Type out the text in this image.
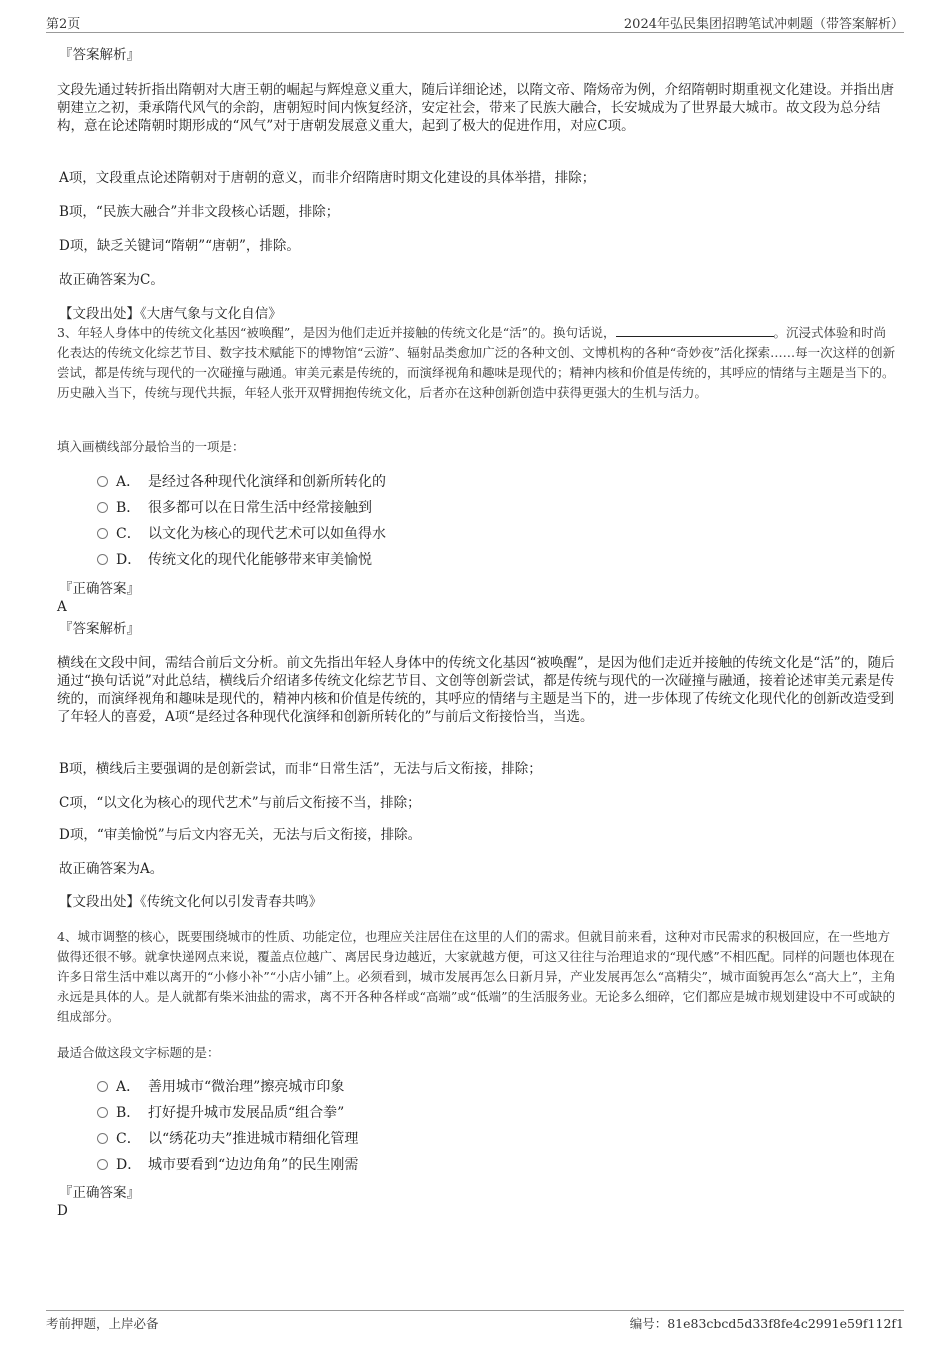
第2页	2024年弘民集团招聘笔试冲刺题（带答案解析）
『答案解析』

文段先通过转折指出隋朝对大唐王朝的崛起与辉煌意义重大，随后详细论述，以隋文帝、隋炀帝为例，介绍隋朝时期重视文化建设。并指出唐朝建立之初，秉承隋代风气的余韵，唐朝短时间内恢复经济，安定社会，带来了民族大融合，长安城成为了世界最大城市。故文段为总分结构，意在论述隋朝时期形成的“风气”对于唐朝发展意义重大，起到了极大的促进作用，对应C项。

A项，文段重点论述隋朝对于唐朝的意义，而非介绍隋唐时期文化建设的具体举措，排除；
B项，“民族大融合”并非文段核心话题，排除；
D项，缺乏关键词“隋朝”“唐朝”，排除。
故正确答案为C。
【文段出处】《大唐气象与文化自信》

3、年轻人身体中的传统文化基因“被唤醒”，是因为他们走近并接触的传统文化是“活”的。换句话说，	。沉浸式体验和时尚化表达的传统文化综艺节目、数字技术赋能下的博物馆“云游”、辐射品类愈加广泛的各种文创、文博机构的各种“奇妙夜”活化探索……每一次这样的创新尝试，都是传统与现代的一次碰撞与融通。审美元素是传统的，而演绎视角和趣味是现代的；精神内核和价值是传统的，其呼应的情绪与主题是当下的。历史融入当下，传统与现代共振，年轻人张开双臂拥抱传统文化，后者亦在这种创新创造中获得更强大的生机与活力。

填入画横线部分最恰当的一项是：
A． 是经过各种现代化演绎和创新所转化的
B． 很多都可以在日常生活中经常接触到
C． 以文化为核心的现代艺术可以如鱼得水
D． 传统文化的现代化能够带来审美愉悦
『正确答案』
A
『答案解析』

横线在文段中间，需结合前后文分析。前文先指出年轻人身体中的传统文化基因“被唤醒”，是因为他们走近并接触的传统文化是“活”的，随后通过“换句话说”对此总结，横线后介绍诸多传统文化综艺节目、文创等创新尝试，都是传统与现代的一次碰撞与融通，接着论述审美元素是传统的，而演绎视角和趣味是现代的，精神内核和价值是传统的，其呼应的情绪与主题是当下的，进一步体现了传统文化现代化的创新改造受到了年轻人的喜爱，A项“是经过各种现代化演绎和创新所转化的”与前后文衔接恰当，当选。

B项，横线后主要强调的是创新尝试，而非“日常生活”，无法与后文衔接，排除；
C项，“以文化为核心的现代艺术”与前后文衔接不当，排除；
D项，“审美愉悦”与后文内容无关，无法与后文衔接，排除。
故正确答案为A。
【文段出处】《传统文化何以引发青春共鸣》

4、城市调整的核心，既要围绕城市的性质、功能定位，也理应关注居住在这里的人们的需求。但就目前来看，这种对市民需求的积极回应，在一些地方做得还很不够。就拿快递网点来说，覆盖点位越广、离居民身边越近，大家就越方便，可这又往往与治理追求的“现代感”不相匹配。同样的问题也体现在许多日常生活中难以离开的“小修小补”“小店小铺”上。必须看到，城市发展再怎么日新月异，产业发展再怎么“高精尖”，城市面貌再怎么“高大上”，主角永远是具体的人。是人就都有柴米油盐的需求，离不开各种各样或“高端”或“低端”的生活服务业。无论多么细碎，它们都应是城市规划建设中不可或缺的组成部分。

最适合做这段文字标题的是：
A． 善用城市“微治理”擦亮城市印象
B． 打好提升城市发展品质“组合拳”
C． 以“绣花功夫”推进城市精细化管理
D． 城市要看到“边边角角”的民生刚需
『正确答案』
D
考前押题，上岸必备	编号：81e83cbcd5d33f8fe4c2991e59f112f1
